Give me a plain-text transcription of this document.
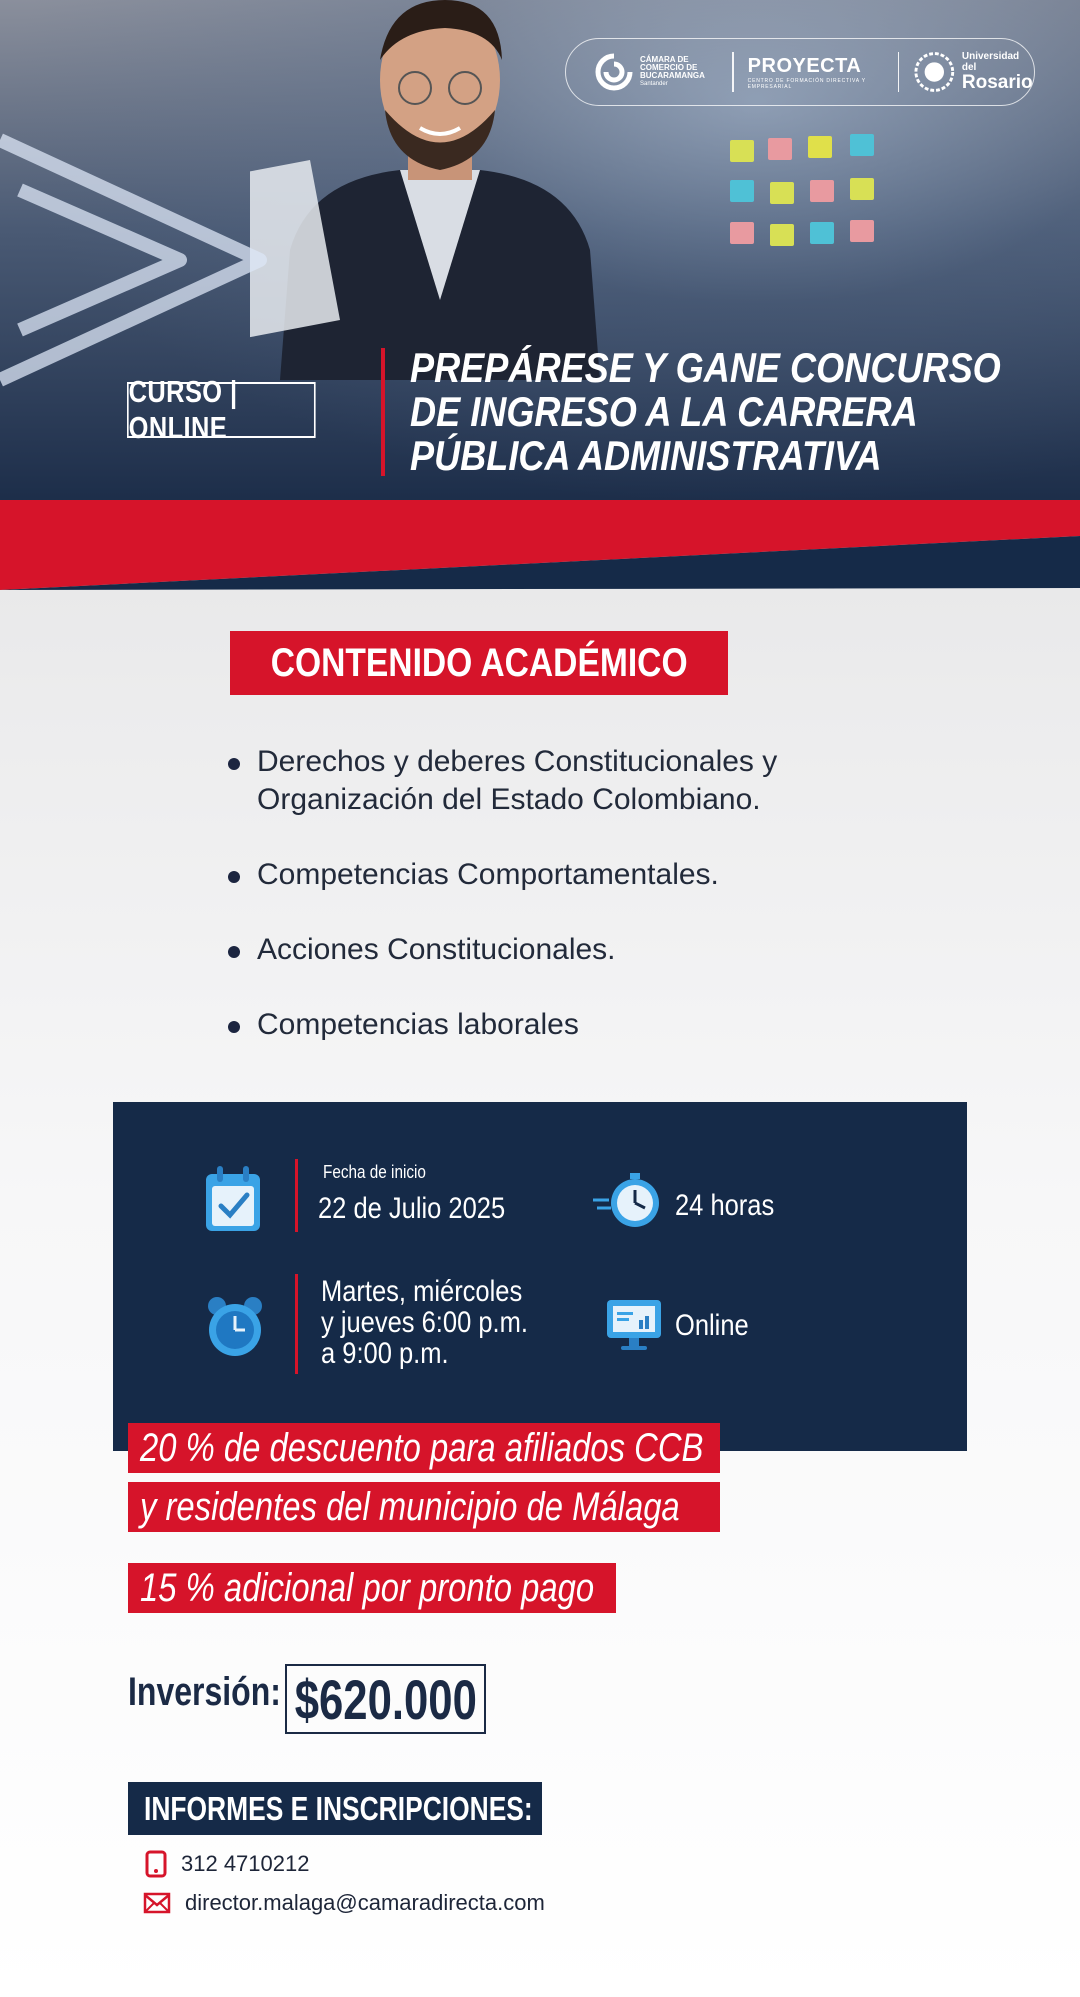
CÁMARA DE COMERCIO DE BUCARAMANGA
Santander
PROYECTA
CENTRO DE FORMACIÓN DIRECTIVA Y EMPRESARIAL
Universidad del
Rosario
CURSO | ONLINE
PREPÁRESE Y GANE CONCURSO
DE INGRESO A LA CARRERA
PÚBLICA ADMINISTRATIVA
CONTENIDO ACADÉMICO
Derechos y deberes Constitucionales y
Organización del Estado Colombiano.
Competencias Comportamentales.
Acciones Constitucionales.
Competencias laborales
Fecha de inicio
22 de Julio 2025	24 horas
Martes, miércoles
y jueves 6:00 p.m.
a 9:00 p.m.
Online
20 % de descuento para afiliados CCB
y residentes del municipio de Málaga
15 % adicional por pronto pago
Inversión: $620.000
INFORMES E INSCRIPCIONES:
312 4710212
director.malaga@camaradirecta.com
